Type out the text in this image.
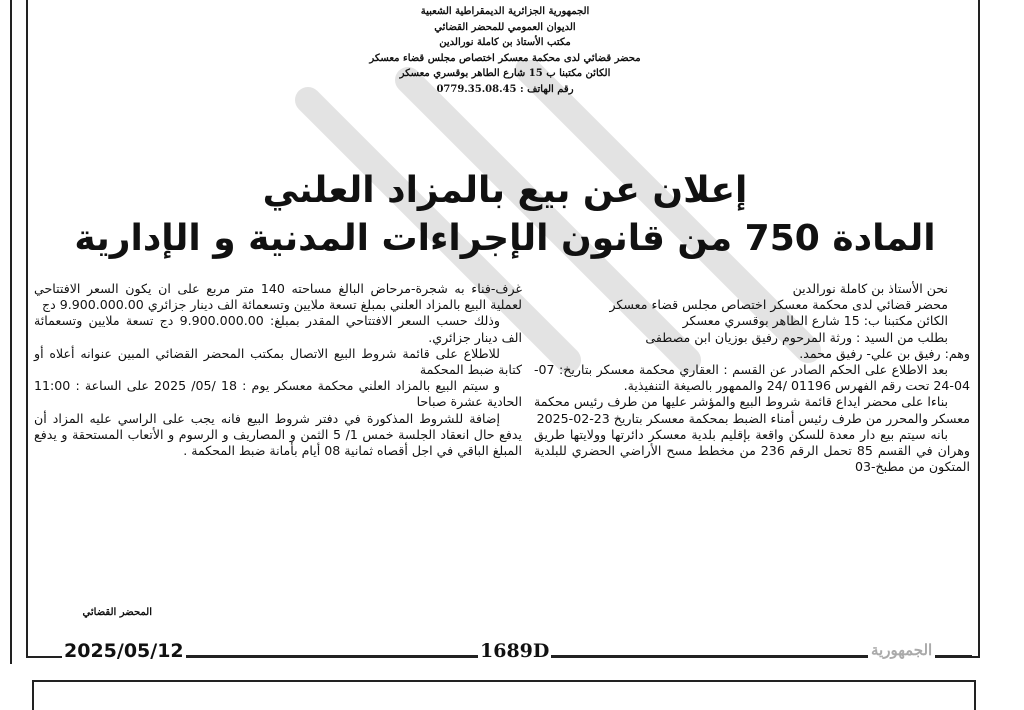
الجمهورية الجزائرية الديمقراطية الشعبية
الديوان العمومي للمحضر القضائي
مكتب الأستاذ بن كاملة نورالدين
محضر قضائي لدى محكمة معسكر اختصاص مجلس قضاء معسكر
الكائن مكتبنا ب 15 شارع الطاهر بوقسري معسكر
رقم الهاتف : 0779.35.08.45
إعلان عن بيع بالمزاد العلني
المادة 750 من قانون الإجراءات المدنية و الإدارية

نحن الأستاذ بن كاملة نورالدين

محضر قضائي لدى محكمة معسكر اختصاص مجلس قضاء معسكر

الكائن مكتبنا ب: 15 شارع الطاهر بوقسري معسكر

بطلب من السيد : ورثة المرحوم رفيق بوزيان ابن مصطفى

وهم: رفيق بن علي- رفيق محمد.

بعد الاطلاع على الحكم الصادر عن القسم : العقاري محكمة معسكر بتاريخ: 07-04-24 تحت رقم الفهرس 01196 /24 والممهور بالصيغة التنفيذية.

بناءا على محضر ايداع قائمة شروط البيع والمؤشر عليها من طرف رئيس محكمة معسكر والمحرر من طرف رئيس أمناء الضبط بمحكمة معسكر بتاريخ 23-02-2025

بانه سيتم بيع دار معدة للسكن واقعة بإقليم بلدية معسكر دائرتها وولايتها طريق وهران في القسم 85 تحمل الرقم 236 من مخطط مسح الأراضي الحضري للبلدية المتكون من مطبخ-03

غرف-فناء به شجرة-مرحاض البالغ مساحته 140 متر مربع على ان يكون السعر الافتتاحي لعملية البيع بالمزاد العلني بمبلغ تسعة ملايين وتسعمائة الف دينار جزائري 9.900.000.00 دج

وذلك حسب السعر الافتتاحي المقدر بمبلغ: 9.900.000.00 دج تسعة ملايين وتسعمائة الف دينار جزائري.

للاطلاع على قائمة شروط البيع الاتصال بمكتب المحضر القضائي المبين عنوانه أعلاه أو كتابة ضبط المحكمة

و سيتم البيع بالمزاد العلني محكمة معسكر يوم : 18 /05/ 2025 على الساعة : 11:00 الحادية عشرة صباحا

إضافة للشروط المذكورة في دفتر شروط البيع فانه يجب على الراسي عليه المزاد أن يدفع حال انعقاد الجلسة خمس 1/ 5 الثمن و المصاريف و الرسوم و الأتعاب المستحقة و يدفع المبلغ الباقي في اجل أقصاه ثمانية 08 أيام بأمانة ضبط المحكمة .

المحضر القضائي
2025/05/12	1689D	الجمهورية
